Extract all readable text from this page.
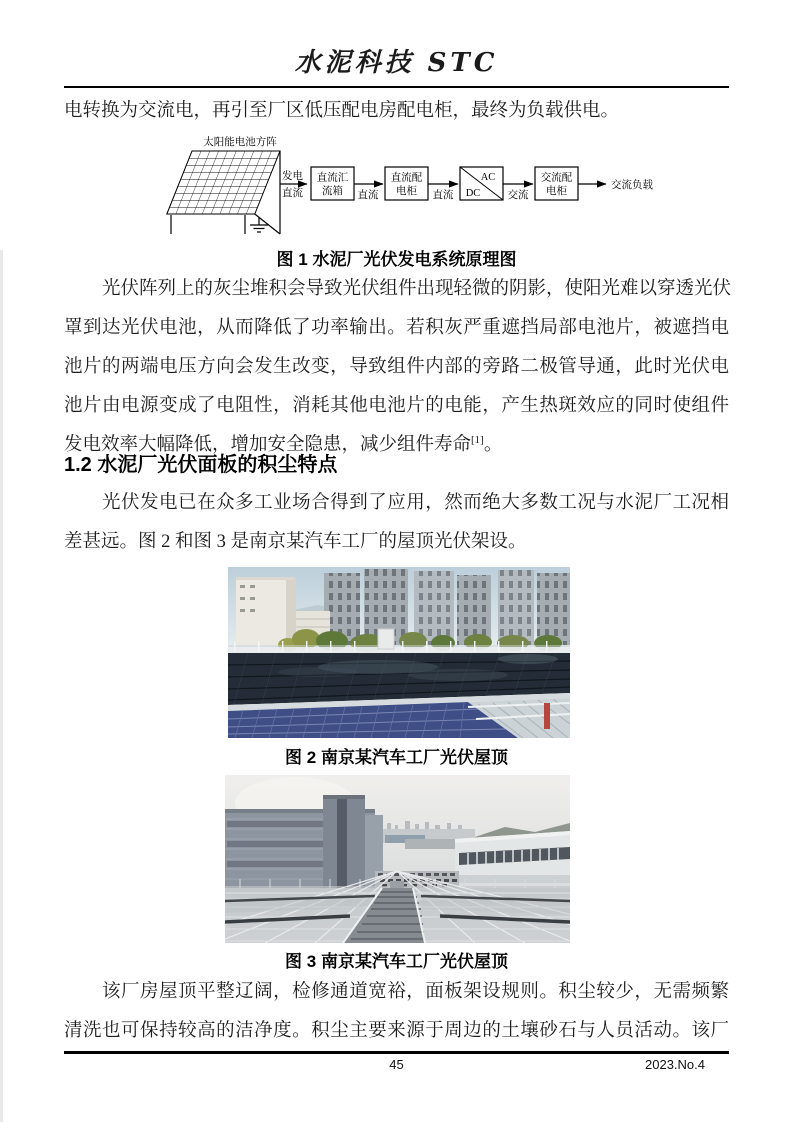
水泥科技 STC
电转换为交流电，再引至厂区低压配电房配电柜，最终为负载供电。
太阳能电池方阵
发电
直流
直流汇
流箱 直流
直流配
电柜 直流
AC
DC	交流
交流配
电柜
交流负载
图 1 水泥厂光伏发电系统原理图
光伏阵列上的灰尘堆积会导致光伏组件出现轻微的阴影，使阳光难以穿透光伏
罩到达光伏电池，从而降低了功率输出。若积灰严重遮挡局部电池片，被遮挡电
池片的两端电压方向会发生改变，导致组件内部的旁路二极管导通，此时光伏电
池片由电源变成了电阻性，消耗其他电池片的电能，产生热斑效应的同时使组件
发电效率大幅降低，增加安全隐患，减少组件寿命[1]。
1.2 水泥厂光伏面板的积尘特点
光伏发电已在众多工业场合得到了应用，然而绝大多数工况与水泥厂工况相
差甚远。图 2 和图 3 是南京某汽车工厂的屋顶光伏架设。
图 2 南京某汽车工厂光伏屋顶
图 3 南京某汽车工厂光伏屋顶
该厂房屋顶平整辽阔，检修通道宽裕，面板架设规则。积尘较少，无需频繁
清洗也可保持较高的洁净度。积尘主要来源于周边的土壤砂石与人员活动。该厂
45	2023.No.4
